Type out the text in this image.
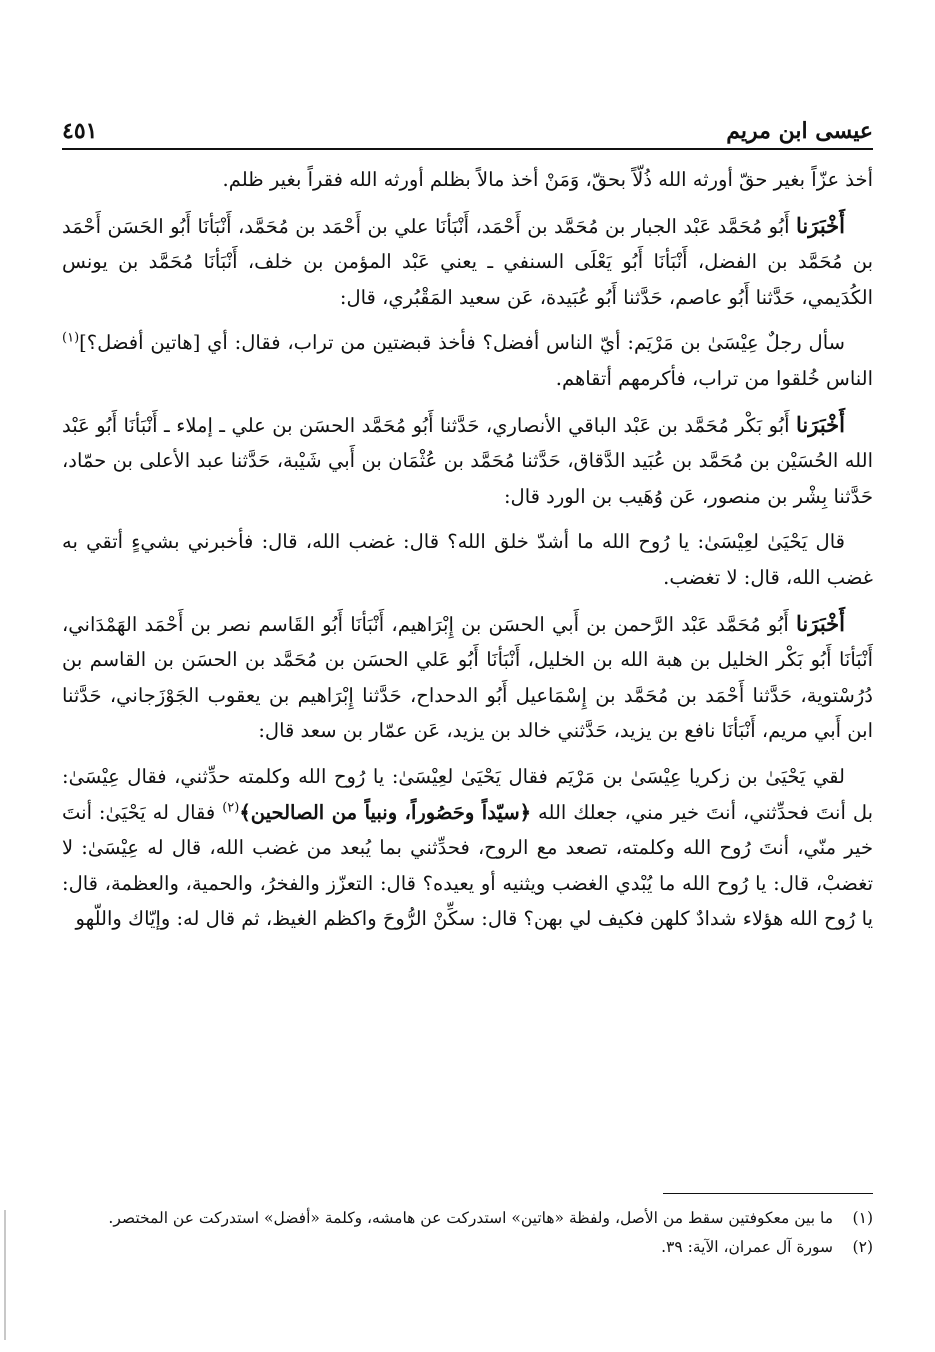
عيسى ابن مريم
٤٥١

أخذ عزّاً بغير حقّ أورثه الله ذُلّاً بحقّ، وَمَنْ أخذ مالاً بظلم أورثه الله فقراً بغير ظلم.

أَخْبَرَنا أَبُو مُحَمَّد عَبْد الجبار بن مُحَمَّد بن أَحْمَد، أَنْبَأنَا علي بن أَحْمَد بن مُحَمَّد، أَنْبَأنَا أَبُو الحَسَن أَحْمَد بن مُحَمَّد بن الفضل، أَنْبَأنَا أَبُو يَعْلَى السنفي ـ يعني عَبْد المؤمن بن خلف، أَنْبَأنَا مُحَمَّد بن يونس الكُدَيمي، حَدَّثنا أَبُو عاصم، حَدَّثنا أَبُو عُبَيدة، عَن سعيد المَقْبُري، قال:

سأل رجلٌ عِيْسَىٰ بن مَرْيَم: أيّ الناس أفضل؟ فأخذ قبضتين من تراب، فقال: أي [هاتين أفضل؟]$^{(١)}$ الناس خُلقوا من تراب، فأكرمهم أتقاهم.

أَخْبَرَنا أَبُو بَكْر مُحَمَّد بن عَبْد الباقي الأنصاري، حَدَّثنا أَبُو مُحَمَّد الحسَن بن علي ـ إملاء ـ أَنْبَأنَا أَبُو عَبْد الله الحُسَيْن بن مُحَمَّد بن عُبَيد الدَّقاق، حَدَّثنا مُحَمَّد بن عُثْمَان بن أَبي شَيْبة، حَدَّثنا عبد الأعلى بن حمّاد، حَدَّثنا بِشْر بن منصور، عَن وُهَيب بن الورد قال:

قال يَحْيَىٰ لعِيْسَىٰ: يا رُوح الله ما أشدّ خلق الله؟ قال: غضب الله، قال: فأخبرني بشيءٍ أتقي به غضب الله، قال: لا تغضب.

أَخْبَرَنا أَبُو مُحَمَّد عَبْد الرَّحمن بن أَبي الحسَن بن إِبْرَاهيم، أَنْبَأنَا أَبُو القَاسم نصر بن أَحْمَد الهَمْدَاني، أَنْبَأنَا أَبُو بَكْر الخليل بن هبة الله بن الخليل، أَنْبَأنَا أَبُو عَلي الحسَن بن مُحَمَّد بن الحسَن بن القاسم بن دُرُسْتوية، حَدَّثنا أَحْمَد بن مُحَمَّد بن إِسْمَاعيل أَبُو الدحداح، حَدَّثنا إِبْرَاهيم بن يعقوب الجَوْزَجاني، حَدَّثنا ابن أَبي مريم، أَنْبَأنَا نافع بن يزيد، حَدَّثني خالد بن يزيد، عَن عمّار بن سعد قال:

لقي يَحْيَىٰ بن زكريا عِيْسَىٰ بن مَرْيَم فقال يَحْيَىٰ لعِيْسَىٰ: يا رُوح الله وكلمته حدِّثني، فقال عِيْسَىٰ: بل أنتَ فحدِّثني، أنتَ خير مني، جعلك الله ﴿سيّداً وحَصُوراً، ونبياً من الصالحين﴾$^{(٢)}$ فقال له يَحْيَىٰ: أنتَ خير منّي، أنتَ رُوح الله وكلمته، تصعد مع الروح، فحدِّثني بما يُبعد من غضب الله، قال له عِيْسَىٰ: لا تغضبْ، قال: يا رُوح الله ما يُبْدي الغضب ويثنيه أو يعيده؟ قال: التعزّز والفخرُ، والحمية، والعظمة، قال: يا رُوح الله هؤلاء شدادٌ كلهن فكيف لي بهن؟ قال: سكِّنْ الرُّوحَ واكظم الغيظ، ثم قال له: وإيّاك واللّهو

(١)ما بين معكوفتين سقط من الأصل، ولفظة «هاتين» استدركت عن هامشه، وكلمة «أفضل» استدركت عن المختصر.

(٢)سورة آل عمران، الآية: ٣٩.
